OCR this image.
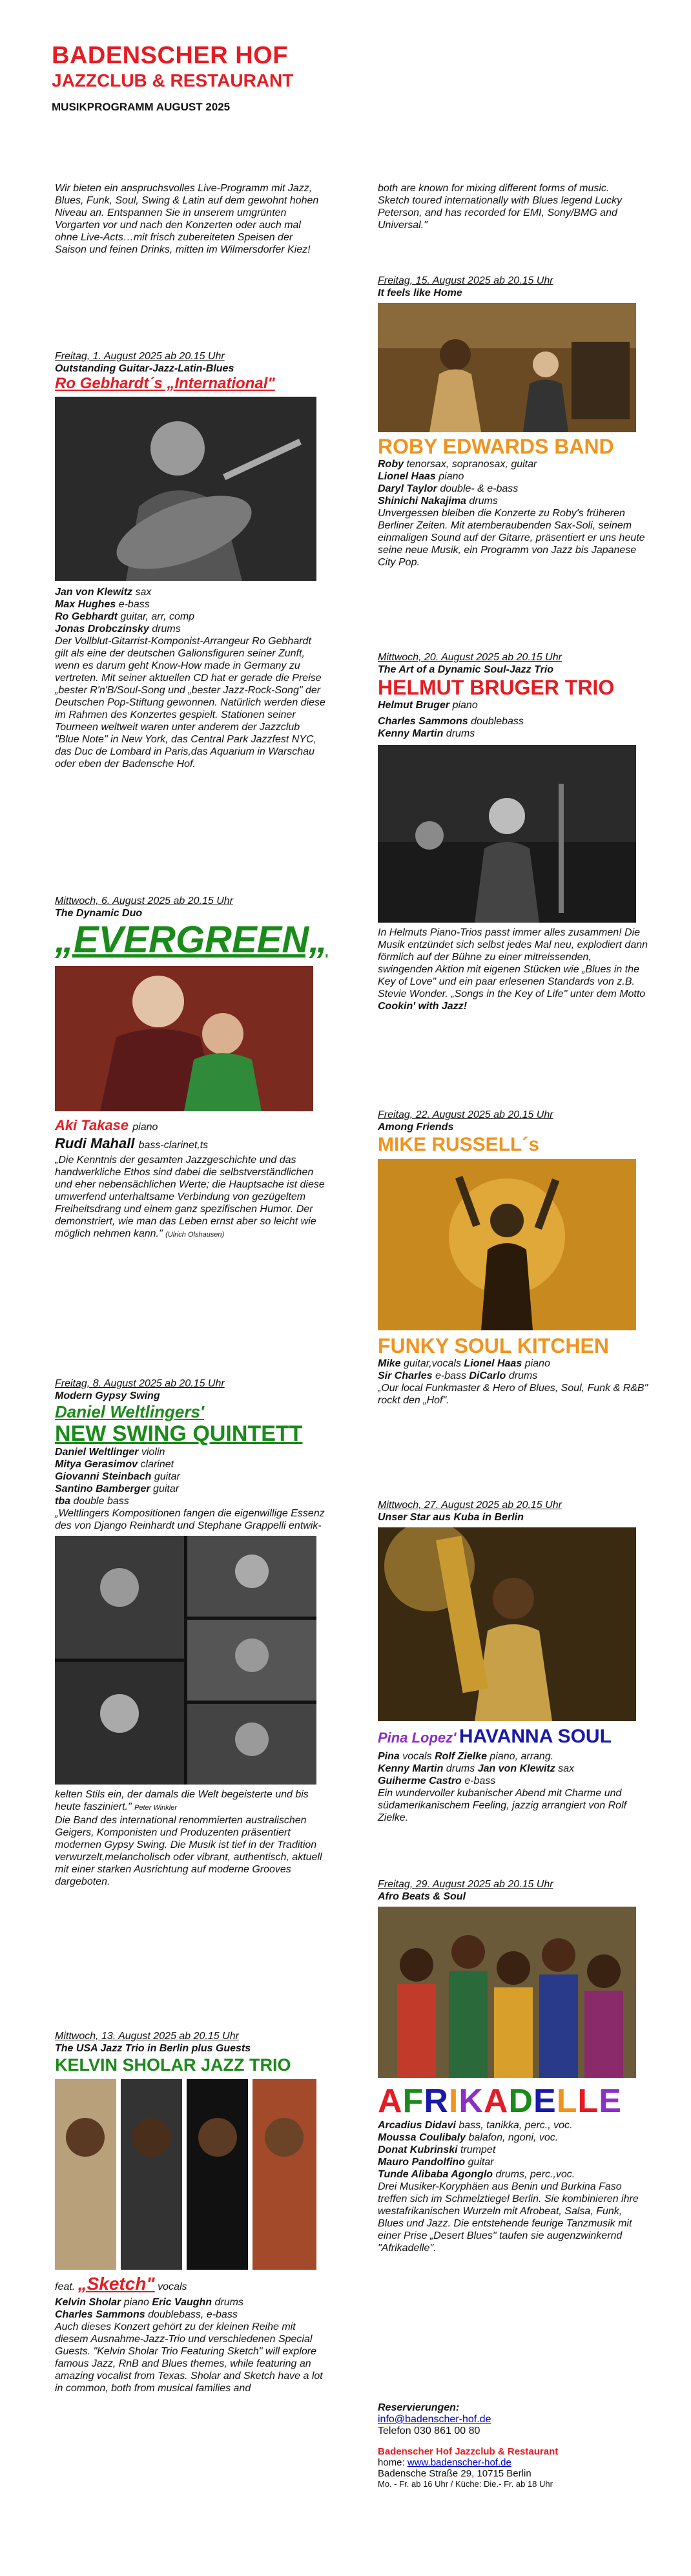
BADENSCHER HOF
JAZZCLUB & RESTAURANT
MUSIKPROGRAMM AUGUST 2025

Wir bieten ein anspruchsvolles Live-Programm mit Jazz, Blues, Funk, Soul, Swing & Latin auf dem gewohnt hohen Niveau an. Entspannen Sie in unserem umgrünten Vorgarten vor und nach den Konzerten oder auch mal ohne Live-Acts…mit frisch zubereiteten Speisen der Saison und feinen Drinks, mitten im Wilmersdorfer Kiez!

Freitag, 1. August 2025 ab 20.15 Uhr

Outstanding Guitar-Jazz-Latin-Blues

Ro Gebhardt´s „International"

Jan von Klewitz sax

Max Hughes e-bass

Ro Gebhardt guitar, arr, comp

Jonas Drobczinsky drums

Der Vollblut-Gitarrist-Komponist-Arrangeur Ro Gebhardt gilt als eine der deutschen Galionsfiguren seiner Zunft, wenn es darum geht Know-How made in Germany zu vertreten. Mit seiner aktuellen CD hat er gerade die Preise „bester R'n'B/Soul-Song und „bester Jazz-Rock-Song" der Deutschen Pop-Stiftung gewonnen. Natürlich werden diese im Rahmen des Konzertes gespielt. Stationen seiner Tourneen weltweit waren unter anderem der Jazzclub "Blue Note" in New York, das Central Park Jazzfest NYC, das Duc de Lombard in Paris,das Aquarium in Warschau oder eben der Badensche Hof.

Mittwoch, 6. August 2025 ab 20.15 Uhr

The Dynamic Duo

„EVERGREEN„

Aki Takase piano

Rudi Mahall bass-clarinet,ts

„Die Kenntnis der gesamten Jazzgeschichte und das handwerkliche Ethos sind dabei die selbstverständlichen und eher nebensächlichen Werte; die Hauptsache ist diese umwerfend unterhaltsame Verbindung von gezügeltem Freiheitsdrang und einem ganz spezifischen Humor. Der demonstriert, wie man das Leben ernst aber so leicht wie möglich nehmen kann." (Ulrich Olshausen)

Freitag, 8. August 2025 ab 20.15 Uhr

Modern Gypsy Swing

Daniel Weltlingers'

NEW SWING QUINTETT

Daniel Weltlinger violin

Mitya Gerasimov clarinet

Giovanni Steinbach guitar

Santino Bamberger guitar

tba double bass

„Weltlingers Kompositionen fangen die eigenwillige Essenz des von Django Reinhardt und Stephane Grappelli entwik-

kelten Stils ein, der damals die Welt begeisterte und bis heute fasziniert." Peter Winkler

Die Band des international renommierten australischen Geigers, Komponisten und Produzenten präsentiert modernen Gypsy Swing. Die Musik ist tief in der Tradition verwurzelt,melancholisch oder vibrant, authentisch, aktuell mit einer starken Ausrichtung auf moderne Grooves dargeboten.

Mittwoch, 13. August 2025 ab 20.15 Uhr

The USA Jazz Trio in Berlin plus Guests

KELVIN SHOLAR JAZZ TRIO

feat. „Sketch" vocals

Kelvin Sholar piano Eric Vaughn drums

Charles Sammons doublebass, e-bass

Auch dieses Konzert gehört zu der kleinen Reihe mit diesem Ausnahme-Jazz-Trio und verschiedenen Special Guests. "Kelvin Sholar Trio Featuring Sketch" will explore famous Jazz, RnB and Blues themes, while featuring an amazing vocalist from Texas. Sholar and Sketch have a lot in common, both from musical families and

both are known for mixing different forms of music. Sketch toured internationally with Blues legend Lucky Peterson, and has recorded for EMI, Sony/BMG and Universal."

Freitag, 15. August 2025 ab 20.15 Uhr

It feels like Home

ROBY EDWARDS BAND

Roby tenorsax, sopranosax, guitar

Lionel Haas piano

Daryl Taylor double- & e-bass

Shinichi Nakajima drums

Unvergessen bleiben die Konzerte zu Roby's früheren Berliner Zeiten. Mit atemberaubenden Sax-Soli, seinem einmaligen Sound auf der Gitarre, präsentiert er uns heute seine neue Musik, ein Programm von Jazz bis Japanese City Pop.

Mittwoch, 20. August 2025 ab 20.15 Uhr

The Art of a Dynamic Soul-Jazz Trio

HELMUT BRUGER TRIO

Helmut Bruger piano

Charles Sammons doublebass

Kenny Martin drums

In Helmuts Piano-Trios passt immer alles zusammen! Die Musik entzündet sich selbst jedes Mal neu, explodiert dann förmlich auf der Bühne zu einer mitreissenden, swingenden Aktion mit eigenen Stücken wie „Blues in the Key of Love" und ein paar erlesenen Standards von z.B. Stevie Wonder. „Songs in the Key of Life" unter dem Motto Cookin' with Jazz!

Freitag, 22. August 2025 ab 20.15 Uhr

Among Friends

MIKE RUSSELL´s

FUNKY SOUL KITCHEN

Mike guitar,vocals Lionel Haas piano

Sir Charles e-bass DiCarlo drums

„Our local Funkmaster & Hero of Blues, Soul, Funk & R&B" rockt den „Hof".

Mittwoch, 27. August 2025 ab 20.15 Uhr

Unser Star aus Kuba in Berlin

Pina Lopez' HAVANNA SOUL

Pina vocals Rolf Zielke piano, arrang.

Kenny Martin drums Jan von Klewitz sax

Guiherme Castro e-bass

Ein wundervoller kubanischer Abend mit Charme und südamerikanischem Feeling, jazzig arrangiert von Rolf Zielke.

Freitag, 29. August 2025 ab 20.15 Uhr

Afro Beats & Soul

AFRIKADELLE

Arcadius Didavi bass, tanikka, perc., voc.

Moussa Coulibaly balafon, ngoni, voc.

Donat Kubrinski trumpet

Mauro Pandolfino guitar

Tunde Alibaba Agonglo drums, perc.,voc.

Drei Musiker-Koryphäen aus Benin und Burkina Faso treffen sich im Schmelztiegel Berlin. Sie kombinieren ihre westafrikanischen Wurzeln mit Afrobeat, Salsa, Funk, Blues und Jazz. Die entstehende feurige Tanzmusik mit einer Prise „Desert Blues" taufen sie augenzwinkernd "Afrikadelle".

Reservierungen:

info@badenscher-hof.de

Telefon 030 861 00 80

Badenscher Hof Jazzclub & Restaurant

home: www.badenscher-hof.de

Badensche Straße 29, 10715 Berlin

Mo. - Fr. ab 16 Uhr / Küche: Die.- Fr. ab 18 Uhr
